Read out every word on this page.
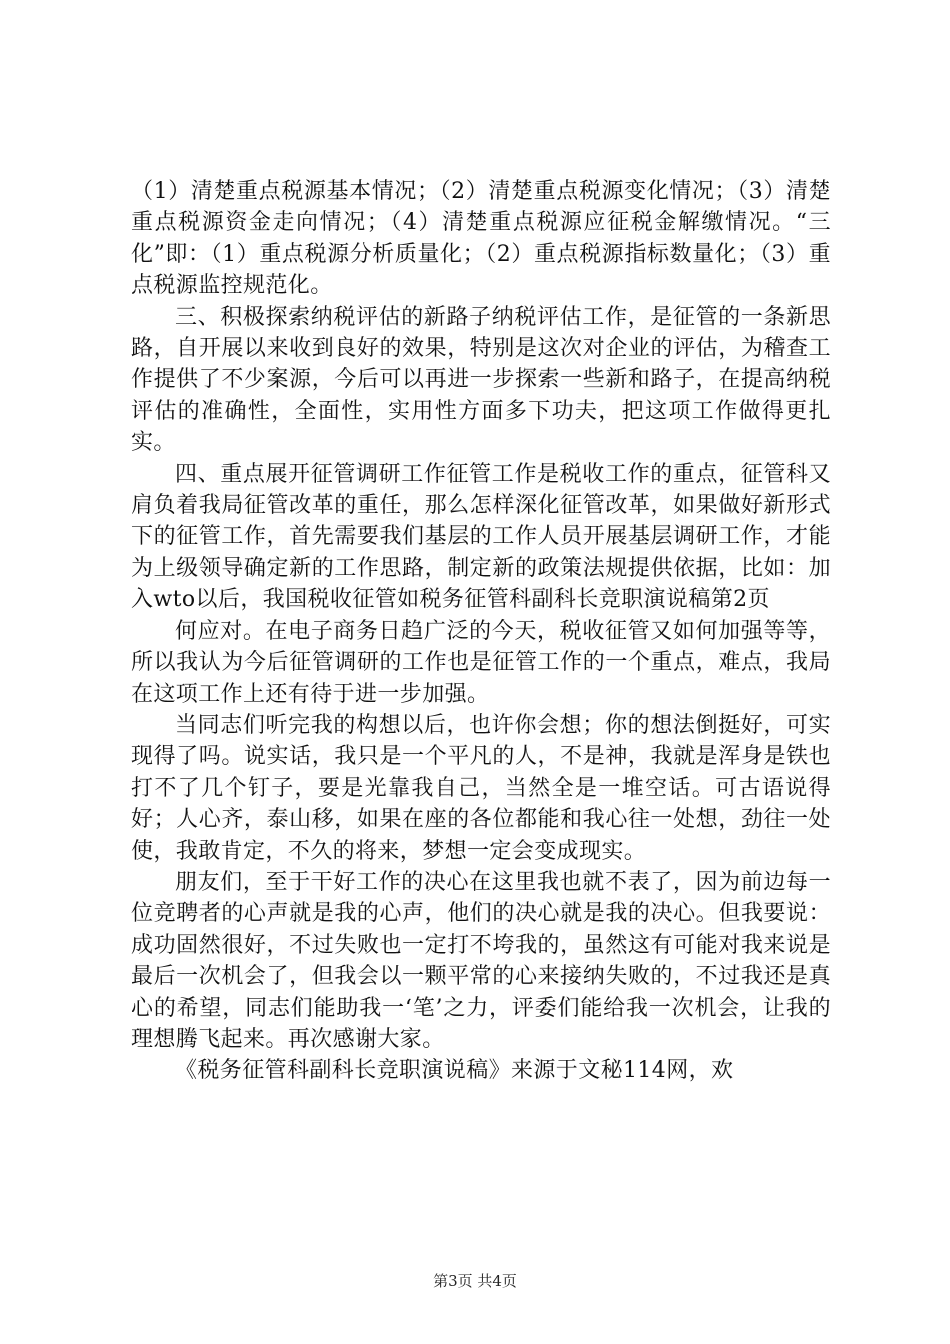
（1）清楚重点税源基本情况；（2）清楚重点税源变化情况；（3）清楚重点税源资金走向情况；（4）清楚重点税源应征税金解缴情况。“三化”即：（1）重点税源分析质量化；（2）重点税源指标数量化；（3）重点税源监控规范化。

三、积极探索纳税评估的新路子纳税评估工作，是征管的一条新思路，自开展以来收到良好的效果，特别是这次对企业的评估，为稽查工作提供了不少案源，今后可以再进一步探索一些新和路子，在提高纳税评估的准确性，全面性，实用性方面多下功夫，把这项工作做得更扎实。

四、重点展开征管调研工作征管工作是税收工作的重点，征管科又肩负着我局征管改革的重任，那么怎样深化征管改革，如果做好新形式下的征管工作，首先需要我们基层的工作人员开展基层调研工作，才能为上级领导确定新的工作思路，制定新的政策法规提供依据，比如：加入wto以后，我国税收征管如税务征管科副科长竞职演说稿第2页

何应对。在电子商务日趋广泛的今天，税收征管又如何加强等等，所以我认为今后征管调研的工作也是征管工作的一个重点，难点，我局在这项工作上还有待于进一步加强。

当同志们听完我的构想以后，也许你会想；你的想法倒挺好，可实现得了吗。说实话，我只是一个平凡的人，不是神，我就是浑身是铁也打不了几个钉子，要是光靠我自己，当然全是一堆空话。可古语说得好；人心齐，泰山移，如果在座的各位都能和我心往一处想，劲往一处使，我敢肯定，不久的将来，梦想一定会变成现实。

朋友们，至于干好工作的决心在这里我也就不表了，因为前边每一位竞聘者的心声就是我的心声，他们的决心就是我的决心。但我要说：成功固然很好，不过失败也一定打不垮我的，虽然这有可能对我来说是最后一次机会了，但我会以一颗平常的心来接纳失败的，不过我还是真心的希望，同志们能助我一‘笔’之力，评委们能给我一次机会，让我的理想腾飞起来。再次感谢大家。

《税务征管科副科长竞职演说稿》来源于文秘114网，欢

第3页 共4页
